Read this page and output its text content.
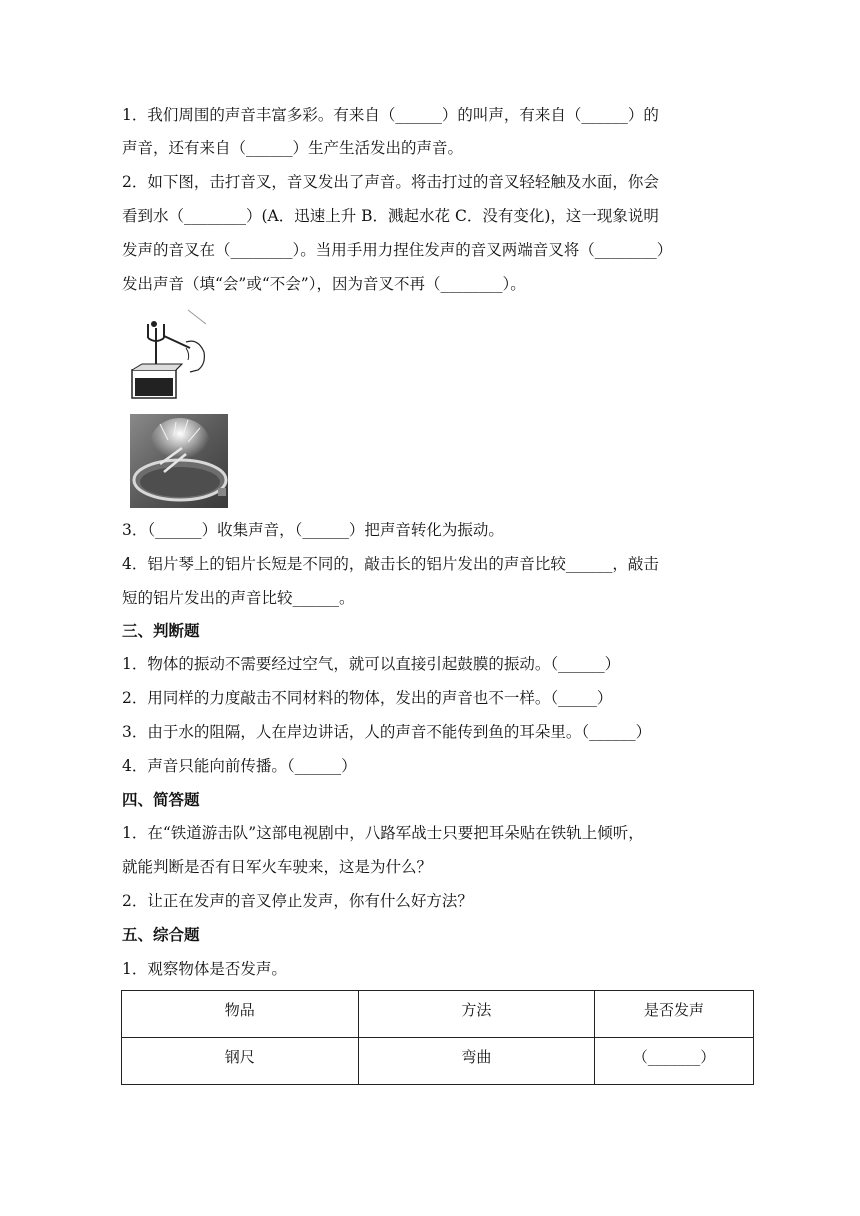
1．我们周围的声音丰富多彩。有来自（______）的叫声，有来自（______）的
声音，还有来自（______）生产生活发出的声音。
2．如下图，击打音叉，音叉发出了声音。将击打过的音叉轻轻触及水面，你会
看到水（________）(A．迅速上升 B．溅起水花 C．没有变化)，这一现象说明
发声的音叉在（________）。当用手用力捏住发声的音叉两端音叉将（________）
发出声音（填“会”或“不会”），因为音叉不再（________）。
3．（______）收集声音，（______）把声音转化为振动。
4．铝片琴上的铝片长短是不同的，敲击长的铝片发出的声音比较______，敲击
短的铝片发出的声音比较______。
三、判断题
1．物体的振动不需要经过空气，就可以直接引起鼓膜的振动。（______）
2．用同样的力度敲击不同材料的物体，发出的声音也不一样。（_____）
3．由于水的阻隔，人在岸边讲话，人的声音不能传到鱼的耳朵里。（______）
4．声音只能向前传播。（______）
四、简答题
1．在“铁道游击队”这部电视剧中，八路军战士只要把耳朵贴在铁轨上倾听，
就能判断是否有日军火车驶来，这是为什么？
2．让正在发声的音叉停止发声，你有什么好方法？
五、综合题
1．观察物体是否发声。
物品	方法	是否发声
钢尺	弯曲	（_______）
